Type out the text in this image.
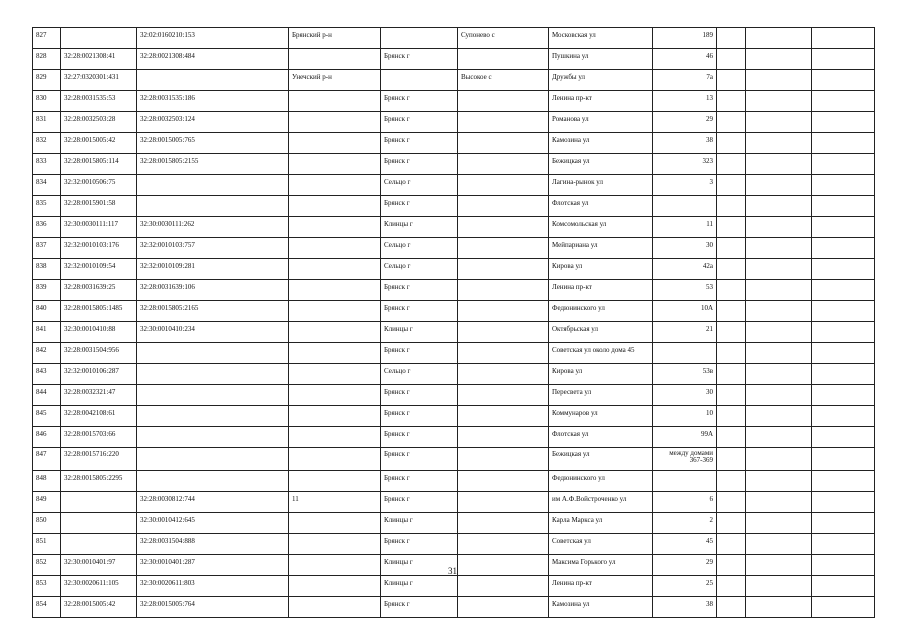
827		32:02:0160210:153	Брянский р-н		Супонево с	Московская ул	189			
828	32:28:0021308:41	32:28:0021308:484		Брянск г		Пушкина ул	46			
829	32:27:0320301:431		Унечский р-н		Высокое с	Дружбы ул	7а			
830	32:28:0031535:53	32:28:0031535:186		Брянск г		Ленина пр-кт	13			
831	32:28:0032503:28	32:28:0032503:124		Брянск г		Романова ул	29			
832	32:28:0015005:42	32:28:0015005:765		Брянск г		Камозина ул	38			
833	32:28:0015805:114	32:28:0015805:2155		Брянск г		Бежицкая ул	323			
834	32:32:0010506:75			Сельцо г		Лагина-рынок ул	3			
835	32:28:0015901:58			Брянск г		Флотская ул				
836	32:30:0030111:117	32:30:0030111:262		Клинцы г		Комсомольская ул	11			
837	32:32:0010103:176	32:32:0010103:757		Сельцо г		Мейпариана ул	30			
838	32:32:0010109:54	32:32:0010109:281		Сельцо г		Кирова ул	42а			
839	32:28:0031639:25	32:28:0031639:106		Брянск г		Ленина пр-кт	53			
840	32:28:0015805:1485	32:28:0015805:2165		Брянск г		Федюнинского ул	10А			
841	32:30:0010410:88	32:30:0010410:234		Клинцы г		Октябрьская ул	21			
842	32:28:0031504:956			Брянск г		Советская ул около дома 45				
843	32:32:0010106:287			Сельцо г		Кирова ул	53в			
844	32:28:0032321:47			Брянск г		Пересвета ул	30			
845	32:28:0042108:61			Брянск г		Коммунаров ул	10			
846	32:28:0015703:66			Брянск г		Флотская ул	99А			
847	32:28:0015716:220			Брянск г		Бежицкая ул	между домами 367-369			
848	32:28:0015805:2295			Брянск г		Федюнинского ул				
849		32:28:0030812:744	11	Брянск г		им А.Ф.Войстроченко ул	6			
850		32:30:0010412:645		Клинцы г		Карла Маркса ул	2			
851		32:28:0031504:888		Брянск г		Советская ул	45			
852	32:30:0010401:97	32:30:0010401:287		Клинцы г		Максима Горького ул	29			
853	32:30:0020611:105	32:30:0020611:803		Клинцы г		Ленина пр-кт	25			
854	32:28:0015005:42	32:28:0015005:764		Брянск г		Камозина ул	38			
31
